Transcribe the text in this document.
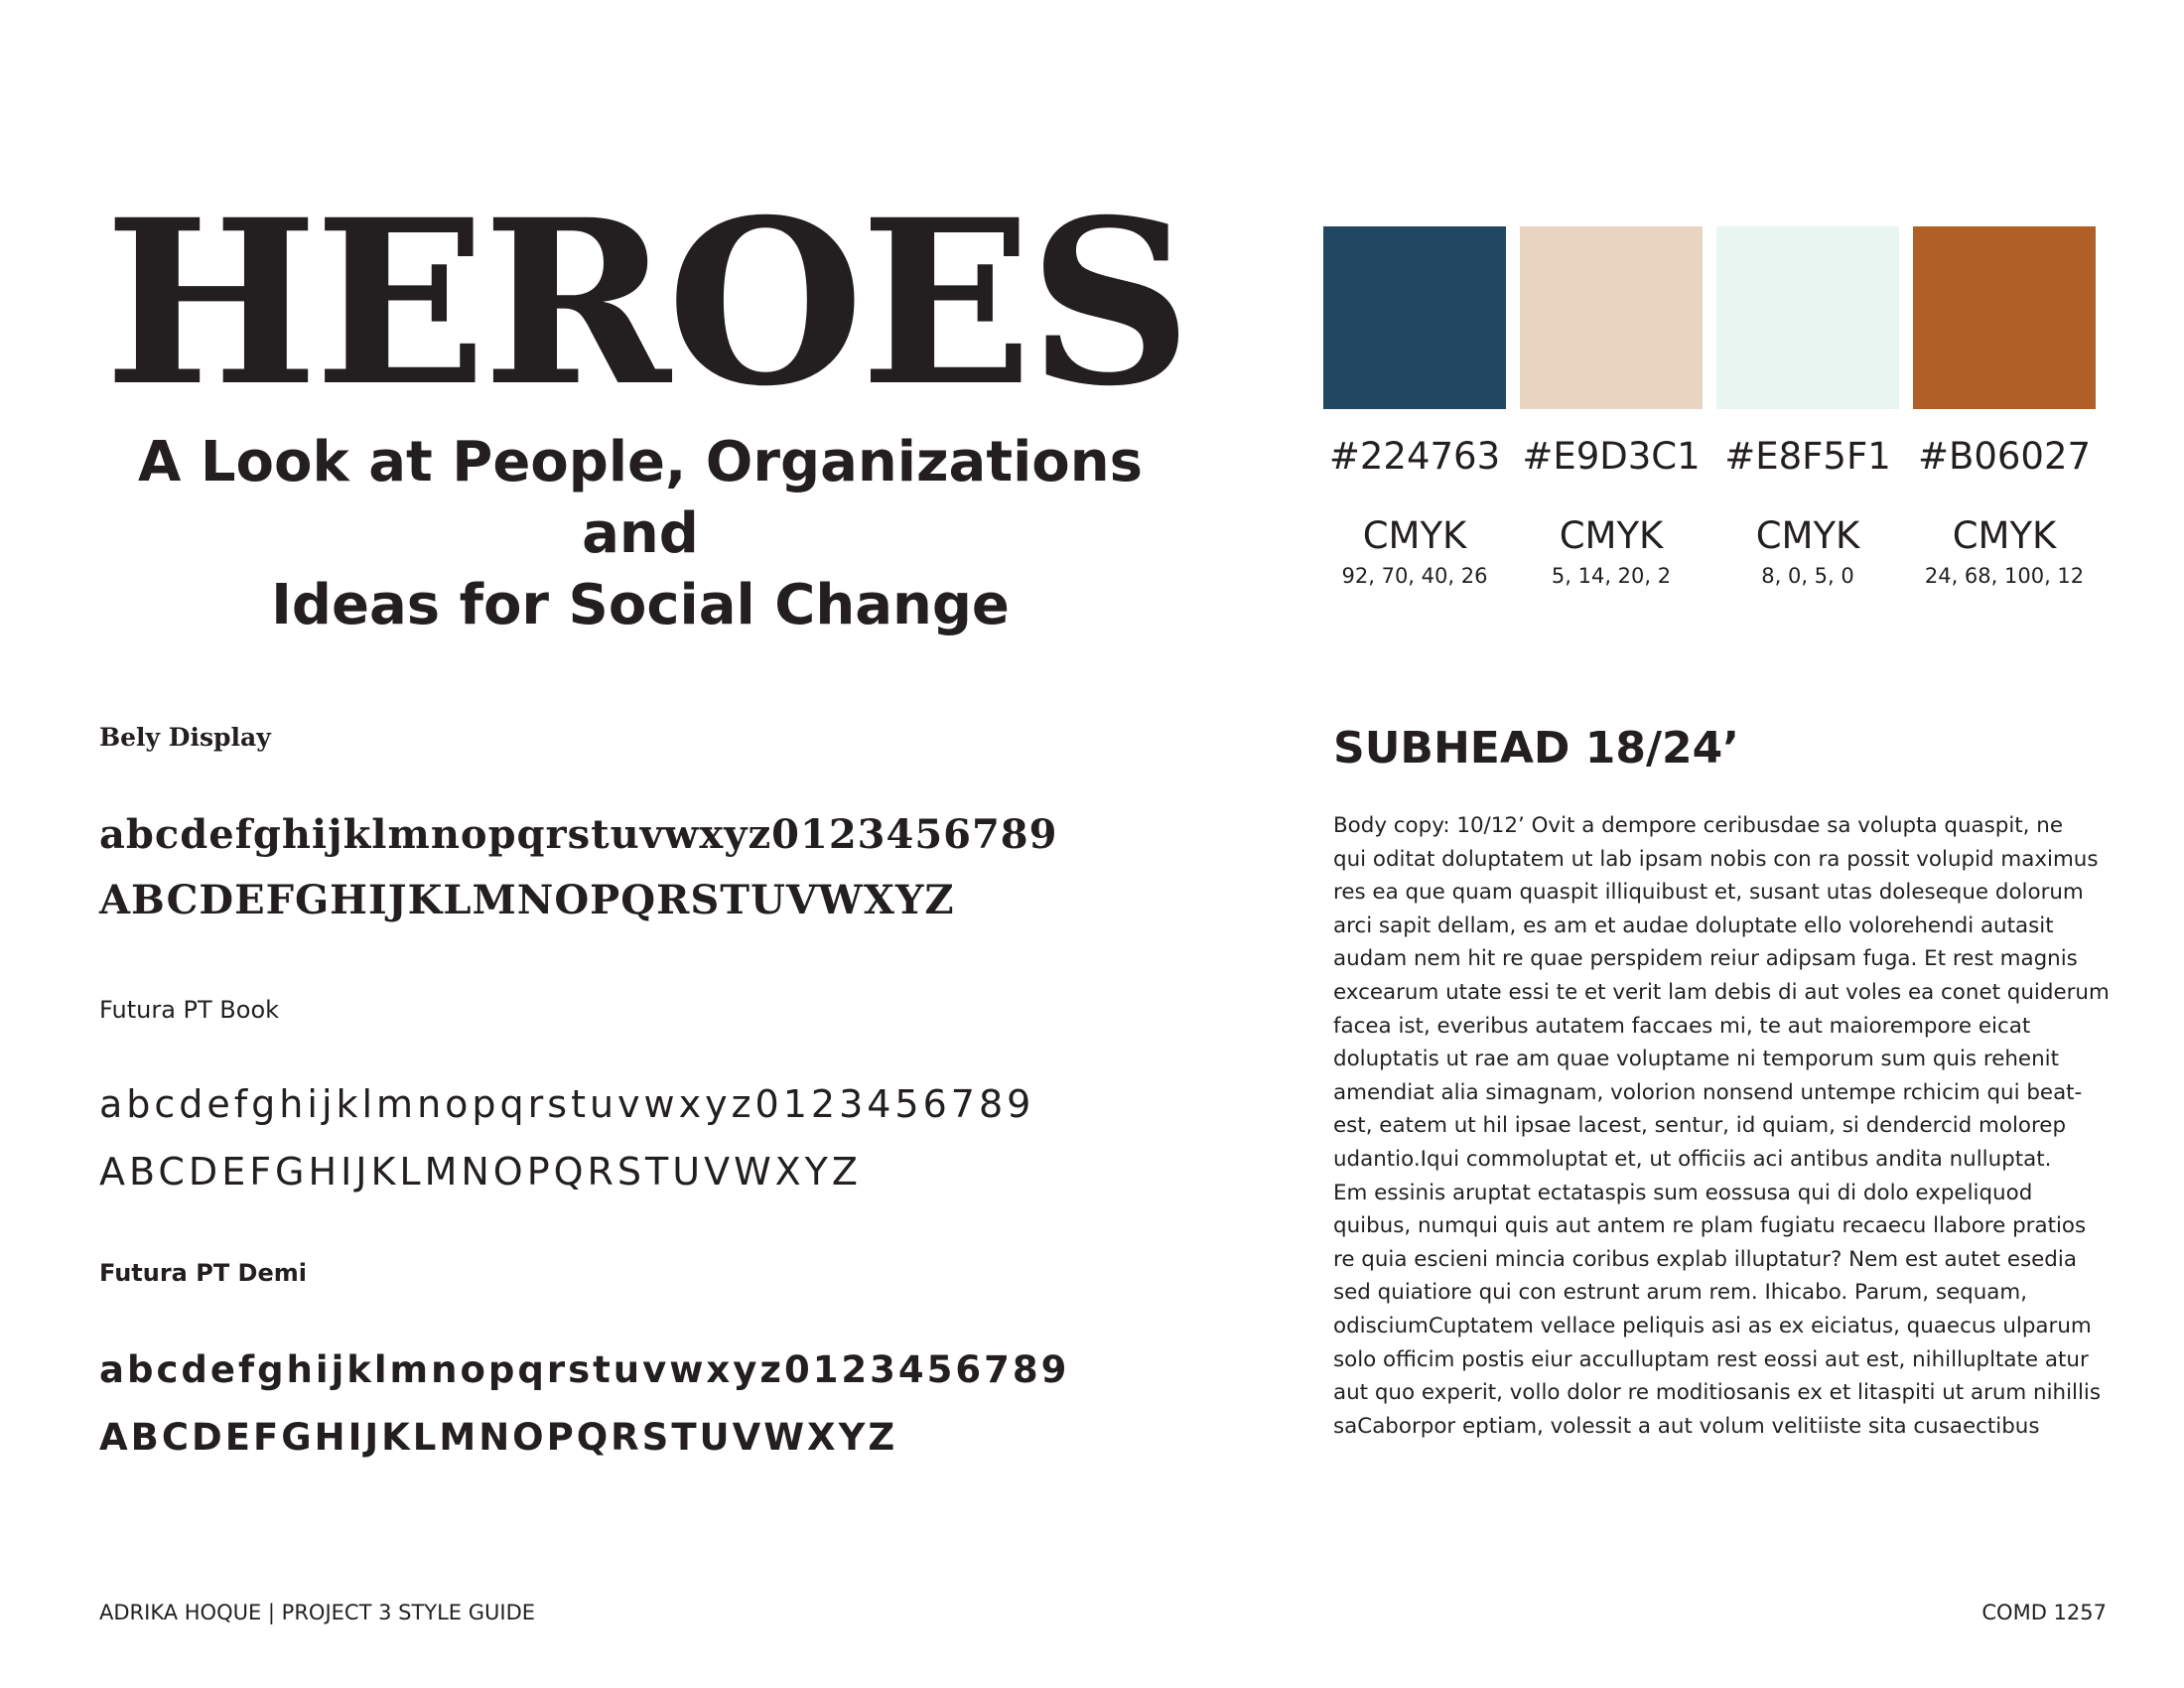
HEROES
A Look at People, Organizations and
Ideas for Social Change
#224763
CMYK
92, 70, 40, 26
#E9D3C1
CMYK
5, 14, 20, 2
#E8F5F1
CMYK
8, 0, 5, 0
#B06027
CMYK
24, 68, 100, 12
Bely Display
abcdefghijklmnopqrstuvwxyz0123456789
ABCDEFGHIJKLMNOPQRSTUVWXYZ
Futura PT Book
abcdefghijklmnopqrstuvwxyz0123456789
ABCDEFGHIJKLMNOPQRSTUVWXYZ
Futura PT Demi
abcdefghijklmnopqrstuvwxyz0123456789
ABCDEFGHIJKLMNOPQRSTUVWXYZ
SUBHEAD 18/24’
Body copy: 10/12’ Ovit a dempore ceribusdae sa volupta quaspit, ne
qui oditat doluptatem ut lab ipsam nobis con ra possit volupid maximus
res ea que quam quaspit illiquibust et, susant utas doleseque dolorum
arci sapit dellam, es am et audae doluptate ello volorehendi autasit
audam nem hit re quae perspidem reiur adipsam fuga. Et rest magnis
excearum utate essi te et verit lam debis di aut voles ea conet quiderum
facea ist, everibus autatem faccaes mi, te aut maiorempore eicat
doluptatis ut rae am quae voluptame ni temporum sum quis rehenit
amendiat alia simagnam, volorion nonsend untempe rchicim qui beat-
est, eatem ut hil ipsae lacest, sentur, id quiam, si dendercid molorep
udantio.Iqui commoluptat et, ut officiis aci antibus andita nulluptat.
Em essinis aruptat ectataspis sum eossusa qui di dolo expeliquod
quibus, numqui quis aut antem re plam fugiatu recaecu llabore pratios
re quia escieni mincia coribus explab illuptatur? Nem est autet esedia
sed quiatiore qui con estrunt arum rem. Ihicabo. Parum, sequam,
odisciumCuptatem vellace peliquis asi as ex eiciatus, quaecus ulparum
solo officim postis eiur acculluptam rest eossi aut est, nihillupltate atur
aut quo experit, vollo dolor re moditiosanis ex et litaspiti ut arum nihillis
saCaborpor eptiam, volessit a aut volum velitiiste sita cusaectibus
ADRIKA HOQUE | PROJECT 3 STYLE GUIDE	COMD 1257
